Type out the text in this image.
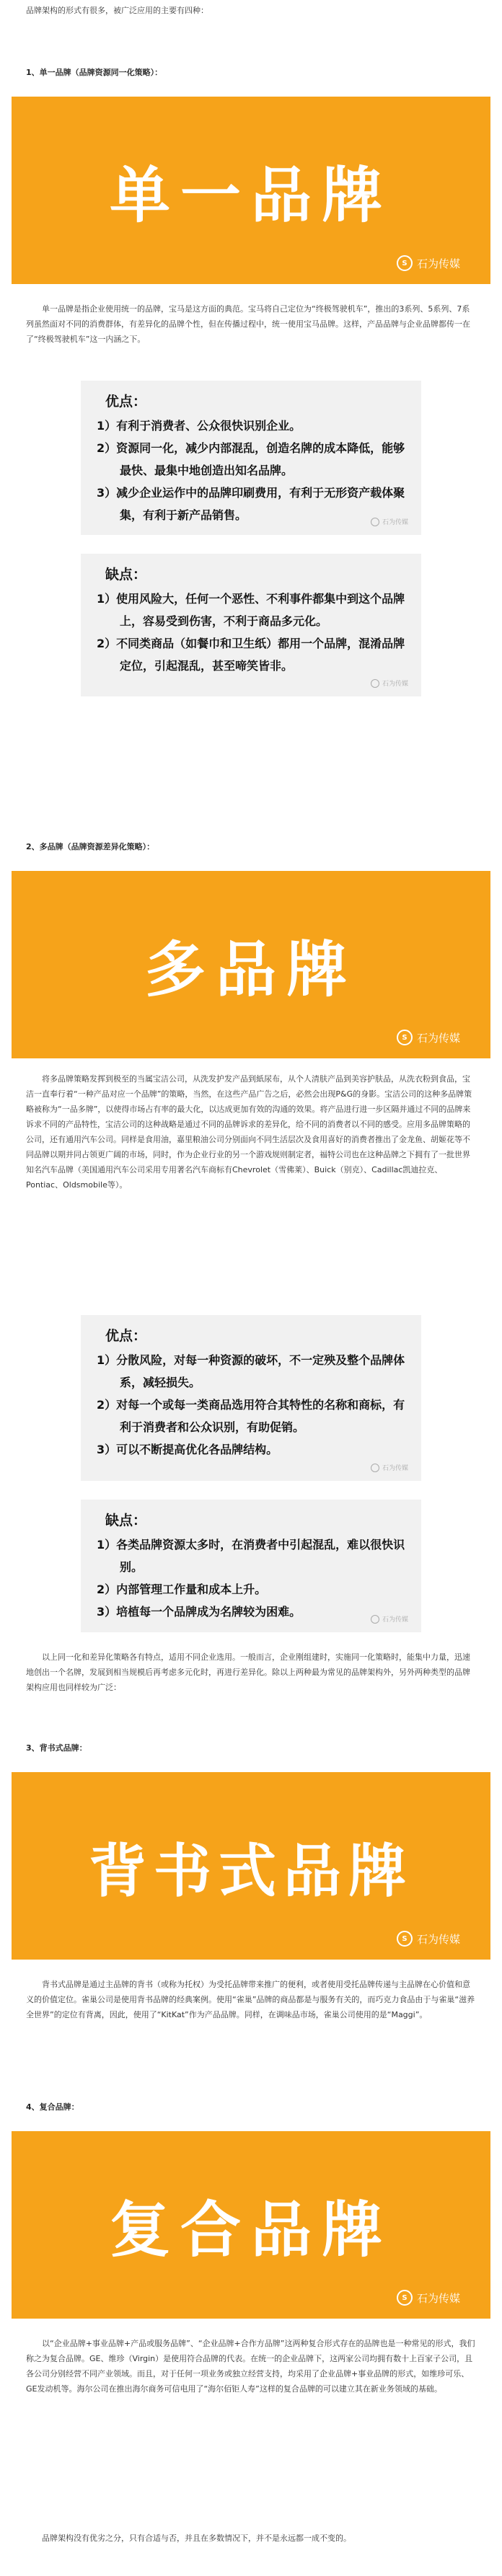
品牌架构的形式有很多，被广泛应用的主要有四种：

1、单一品牌（品牌资源同一化策略）：

单一品牌
S 石为传媒

单一品牌是指企业使用统一的品牌，宝马是这方面的典范。宝马将自己定位为“终极驾驶机车”，推出的3系列、5系列、7系列虽然面对不同的消费群体，有差异化的品牌个性，但在传播过程中，统一使用宝马品牌。这样，产品品牌与企业品牌都传一在了“终极驾驶机车”这一内涵之下。

优点：

1）有利于消费者、公众很快识别企业。

2）资源同一化，减少内部混乱，创造名牌的成本降低，能够最快、最集中地创造出知名品牌。

3）减少企业运作中的品牌印刷费用，有利于无形资产载体聚集，有利于新产品销售。

石为传媒

缺点：

1）使用风险大，任何一个恶性、不利事件都集中到这个品牌上，容易受到伤害，不利于商品多元化。

2）不同类商品（如餐巾和卫生纸）都用一个品牌，混淆品牌定位，引起混乱，甚至啼笑皆非。

石为传媒

2、多品牌（品牌资源差异化策略）：

多品牌
S 石为传媒

将多品牌策略发挥到极至的当属宝洁公司，从洗发护发产品到紙尿布，从个人清肤产品到美容护肤品，从洗衣粉到食品，宝洁一直奉行着“一种产品对应一个品牌”的策略，当然，在这些产品广告之后，必然会出现P&G的身影。宝洁公司的这种多品牌策略被称为“一品多牌”，以使得市场占有率的最大化，以达成更加有效的沟通的效果。将产品进行进一步区隔并通过不同的品牌来诉求不同的产品特性，宝洁公司的这种战略是通过不同的品牌诉求的差异化，给不同的消费者以不同的感受。应用多品牌策略的公司，还有通用汽车公司。同样是食用油，嘉里粮油公司分别面向不同生活层次及食用喜好的消费者推出了金龙鱼、胡姬花等不同品牌以期并同占领更广阔的市场，同时，作为企业行业的另一个游戏规则制定者，福特公司也在这种品牌之下拥有了一批世界知名汽车品牌（美国通用汽车公司采用专用著名汽车商标有Chevrolet（雪佛莱）、Buick（别克）、Cadillac凯迪拉克、Pontiac、Oldsmobile等）。

优点：

1）分散风险，对每一种资源的破坏，不一定殃及整个品牌体系，减轻损失。

2）对每一个或每一类商品选用符合其特性的名称和商标，有利于消费者和公众识别，有助促销。

3）可以不断提高优化各品牌结构。

石为传媒

缺点：

1）各类品牌资源太多时，在消费者中引起混乱，难以很快识别。

2）内部管理工作量和成本上升。

3）培植每一个品牌成为名牌较为困难。

石为传媒

以上同一化和差异化策略各有特点，适用不同企业选用。一般而言，企业刚组建时，实施同一化策略时，能集中力量，迅速地创出一个名牌，发展到相当规模后再考虑多元化时，再进行差异化。除以上两种最为常见的品牌架构外，另外两种类型的品牌架构应用也同样较为广泛：

3、背书式品牌：

背书式品牌
S 石为传媒

背书式品牌是通过主品牌的背书（或称为托权）为受托品牌带来推广的便利，或者使用受托品牌传递与主品牌在心价值和意义的价值定位。雀巢公司是使用背书品牌的经典案例。使用“雀巢”品牌的商品都是与服务有关的，而巧克力食品由于与雀巢“滋养全世界”的定位有背离，因此，使用了“KitKat”作为产品品牌。同样，在调味品市场，雀巢公司使用的是“Maggi”。

4、复合品牌：

复合品牌
S 石为传媒

以“企业品牌+事业品牌+产品或服务品牌”、“企业品牌+合作方品牌”这两种复合形式存在的品牌也是一种常见的形式，我们称之为复合品牌。GE、维珍（Virgin）是使用符合品牌的代表。在统一的企业品牌下，这两家公司均拥有数十上百家子公司，且各公司分别经营不同产业领域。而且，对于任何一项业务或独立经营支持，均采用了企业品牌+事业品牌的形式，如维珍可乐、GE发动机等。海尔公司在推出海尔商务可信电用了“海尔佰钜人寿”这样的复合品牌的可以建立其在新业务领域的基础。

品牌架构没有优劣之分，只有合适与否，并且在多数情况下，并不是永远都一成不变的。
